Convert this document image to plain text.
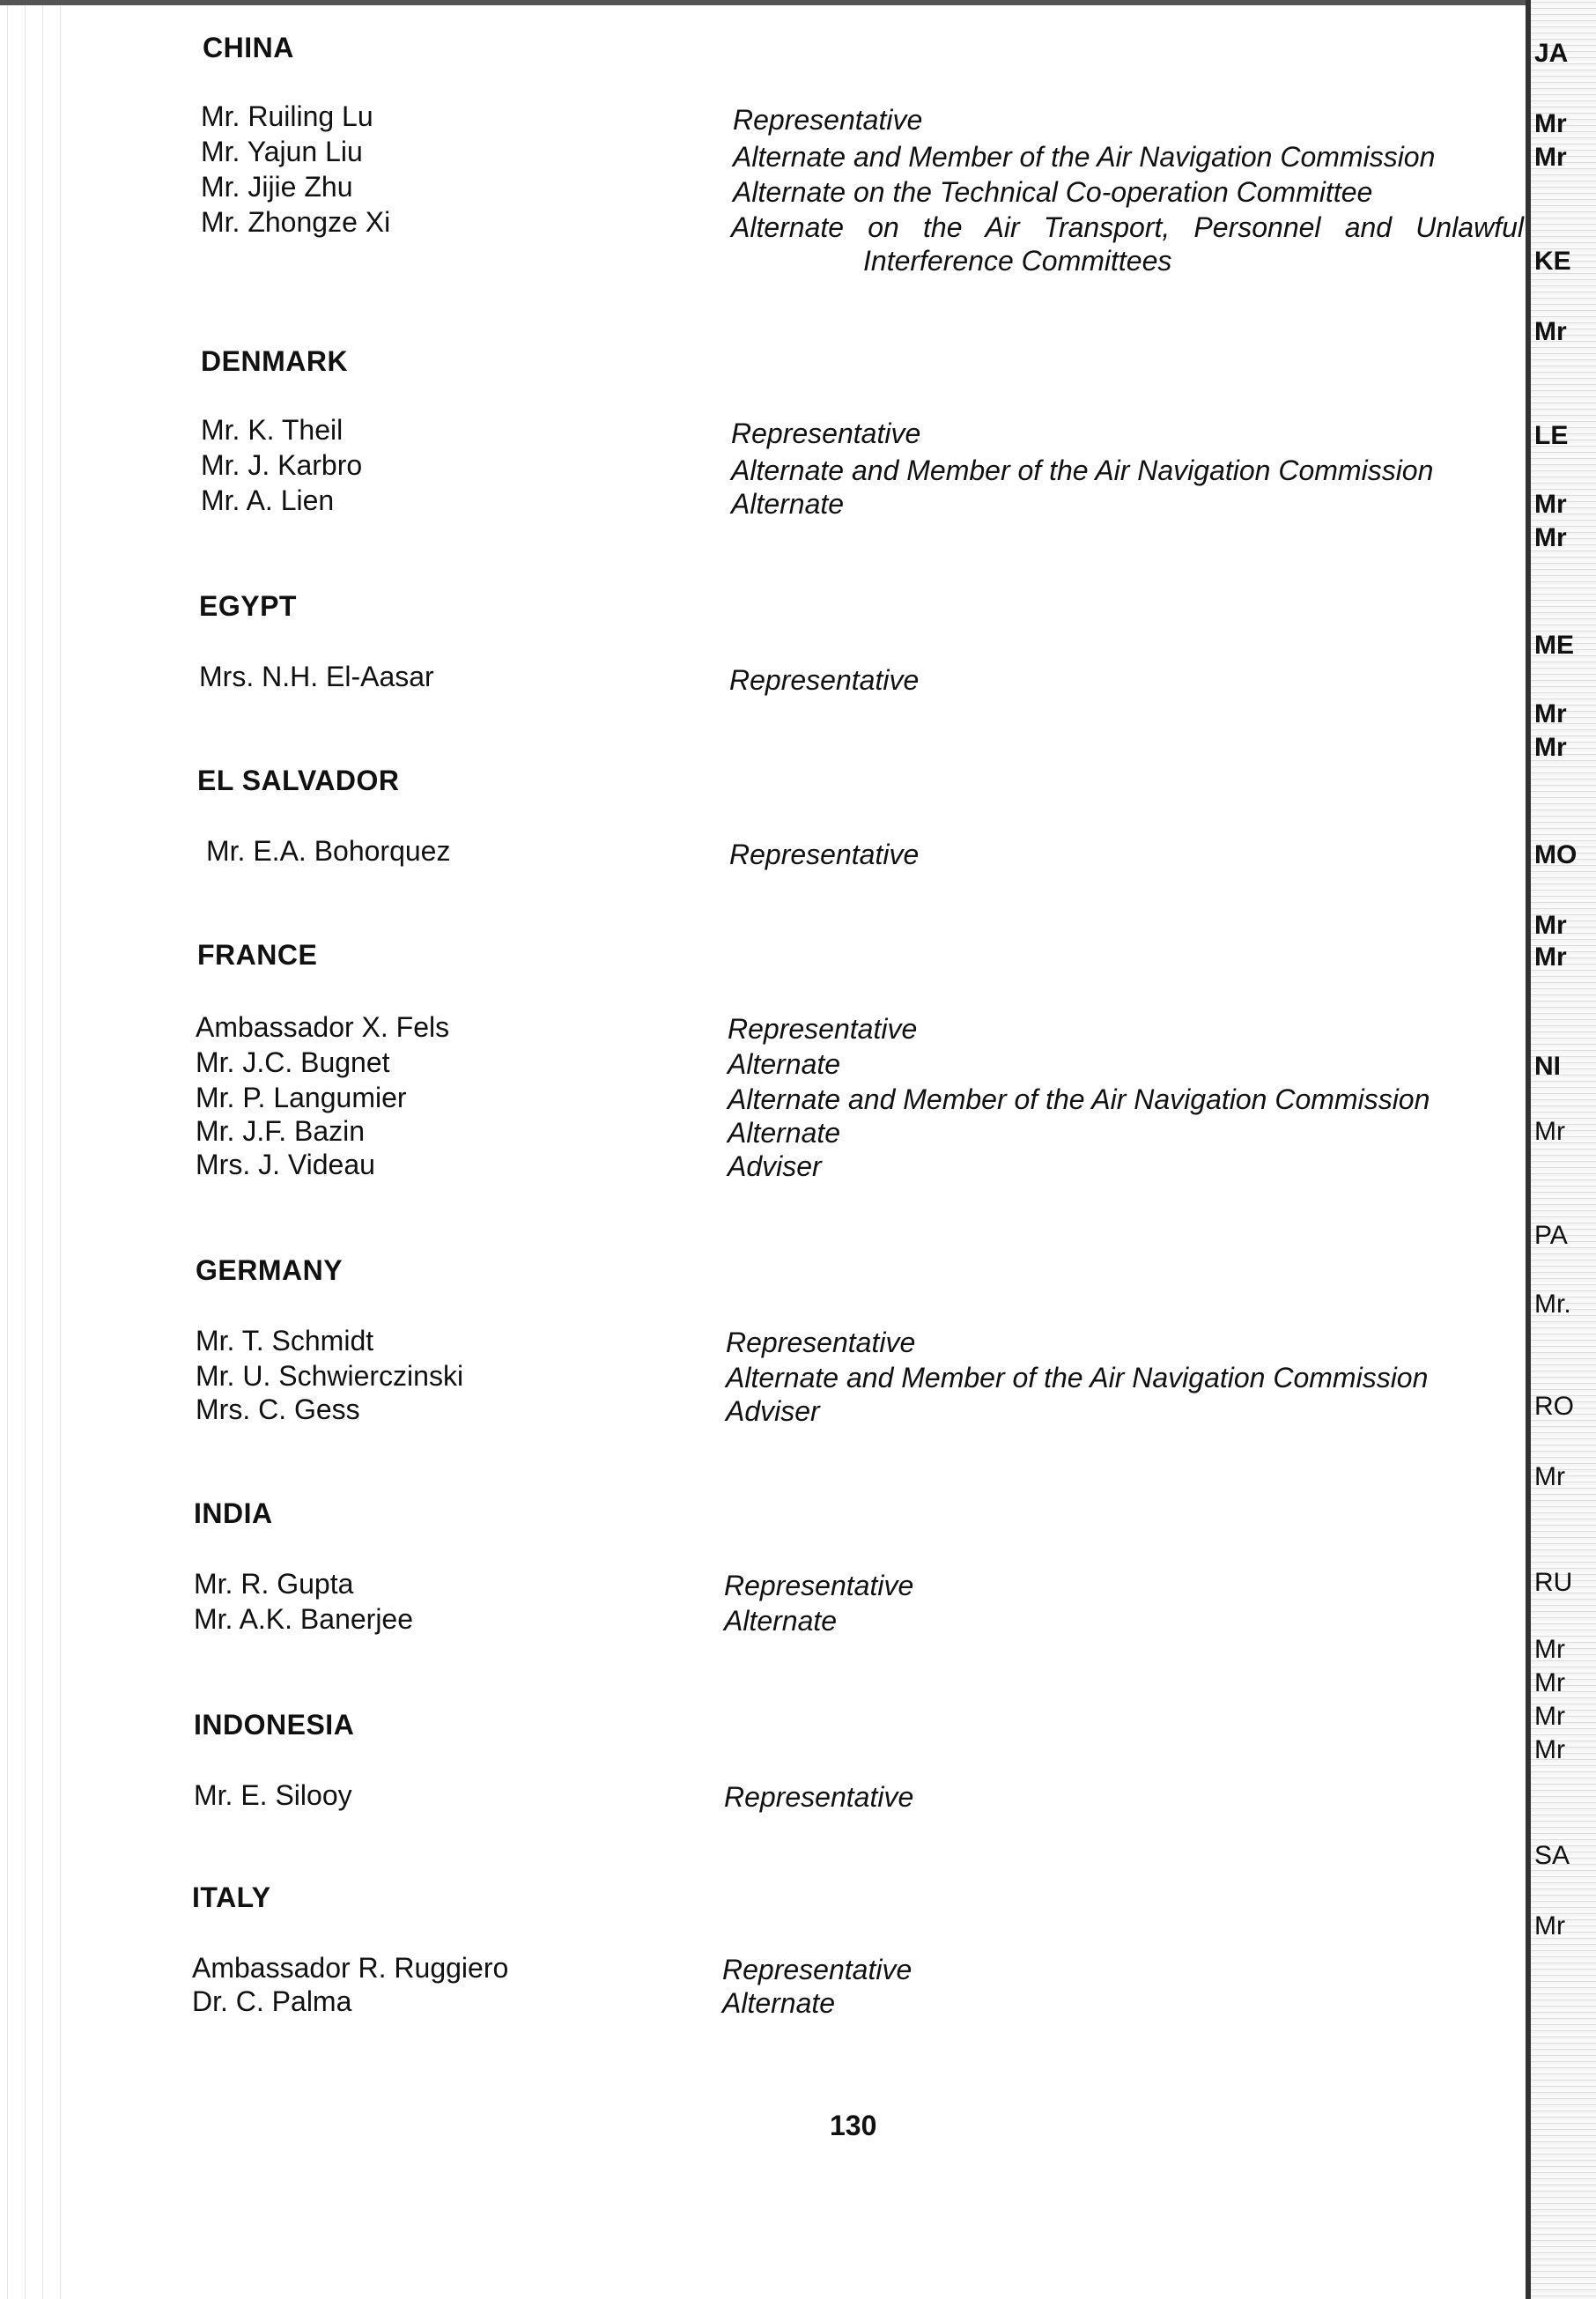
CHINA
Mr. Ruiling Lu	Representative
Mr. Yajun Liu	Alternate and Member of the Air Navigation Commission
Mr. Jijie Zhu	Alternate on the Technical Co-operation Committee
Mr. Zhongze Xi	Alternate on the Air Transport, Personnel and Unlawful
Interference Committees
DENMARK
Mr. K. Theil	Representative
Mr. J. Karbro	Alternate and Member of the Air Navigation Commission
Mr. A. Lien	Alternate
EGYPT
Mrs. N.H. El-Aasar	Representative
EL SALVADOR
Mr. E.A. Bohorquez	Representative
FRANCE
Ambassador X. Fels	Representative
Mr. J.C. Bugnet	Alternate
Mr. P. Langumier	Alternate and Member of the Air Navigation Commission
Mr. J.F. Bazin	Alternate
Mrs. J. Videau	Adviser
GERMANY
Mr. T. Schmidt	Representative
Mr. U. Schwierczinski	Alternate and Member of the Air Navigation Commission
Mrs. C. Gess	Adviser
INDIA
Mr. R. Gupta	Representative
Mr. A.K. Banerjee	Alternate
INDONESIA
Mr. E. Silooy	Representative
ITALY
Ambassador R. Ruggiero	Representative
Dr. C. Palma	Alternate
130
JA
Mr
Mr
KE
Mr
LE
Mr
Mr
ME
Mr
Mr
MO
Mr
Mr
NI
Mr
PA
Mr.
RO
Mr
RU
Mr
Mr
Mr
Mr
SA
Mr
